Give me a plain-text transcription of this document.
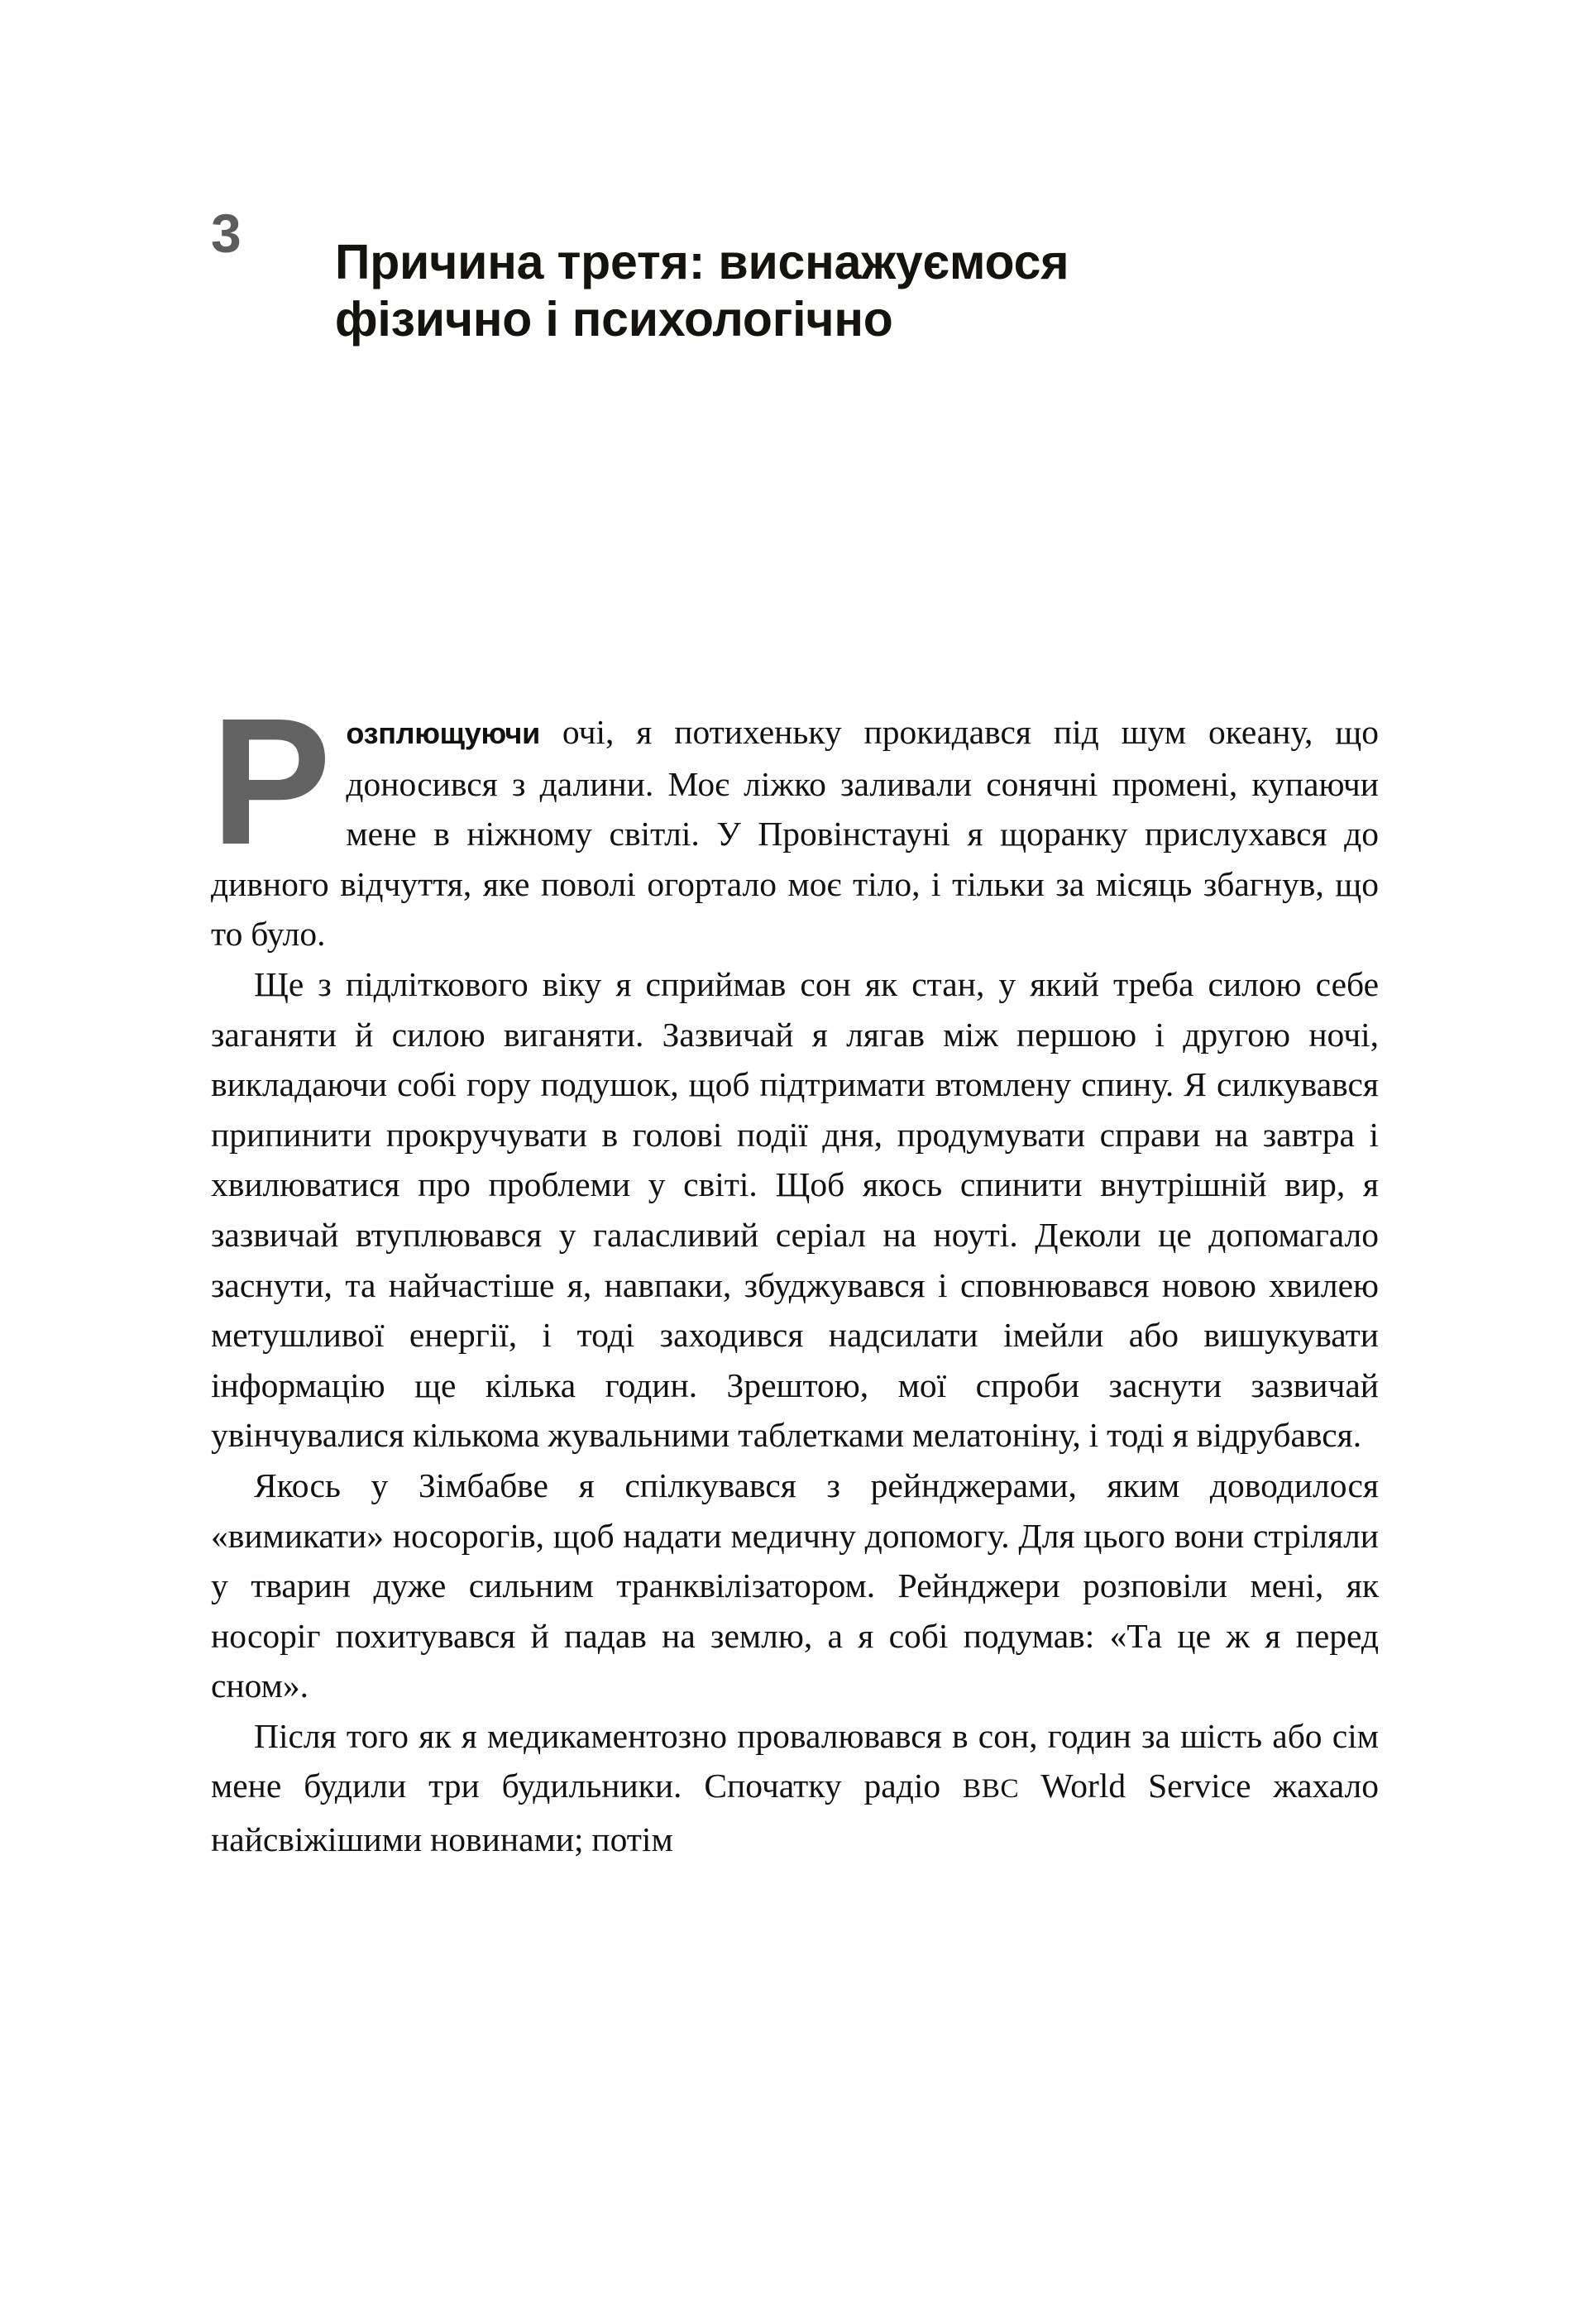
3	Причина третя: виснажуємося
фізично і психологічно

Розплющуючи очі, я потихеньку прокидався під шум океану, що доносився з далини. Моє ліжко заливали сонячні промені, купаючи мене в ніжному світлі. У Провінстауні я щоранку прислухався до дивного відчуття, яке поволі огортало моє тіло, і тільки за місяць збагнув, що то було.

Ще з підліткового віку я сприймав сон як стан, у який треба силою себе заганяти й силою виганяти. Зазвичай я лягав між першою і другою ночі, викладаючи собі гору подушок, щоб підтримати втомлену спину. Я силкувався припинити прокручувати в голові події дня, продумувати справи на завтра і хвилюватися про проблеми у світі. Щоб якось спинити внутрішній вир, я зазвичай втуплювався у галасливий серіал на ноуті. Деколи це допомагало заснути, та найчастіше я, навпаки, збуджувався і сповнювався новою хвилею метушливої енергії, і тоді заходився надсилати імейли або вишукувати інформацію ще кілька годин. Зрештою, мої спроби заснути зазвичай увінчувалися кількома жувальними таблетками мелатоніну, і тоді я відрубався.

Якось у Зімбабве я спілкувався з рейнджерами, яким доводилося «вимикати» носорогів, щоб надати медичну допомогу. Для цього вони стріляли у тварин дуже сильним транквілізатором. Рейнджери розповіли мені, як носоріг похитувався й падав на землю, а я собі подумав: «Та це ж я перед сном».

Після того як я медикаментозно провалювався в сон, годин за шість або сім мене будили три будильники. Спочатку радіо BBC World Service жахало найсвіжішими новинами; потім
